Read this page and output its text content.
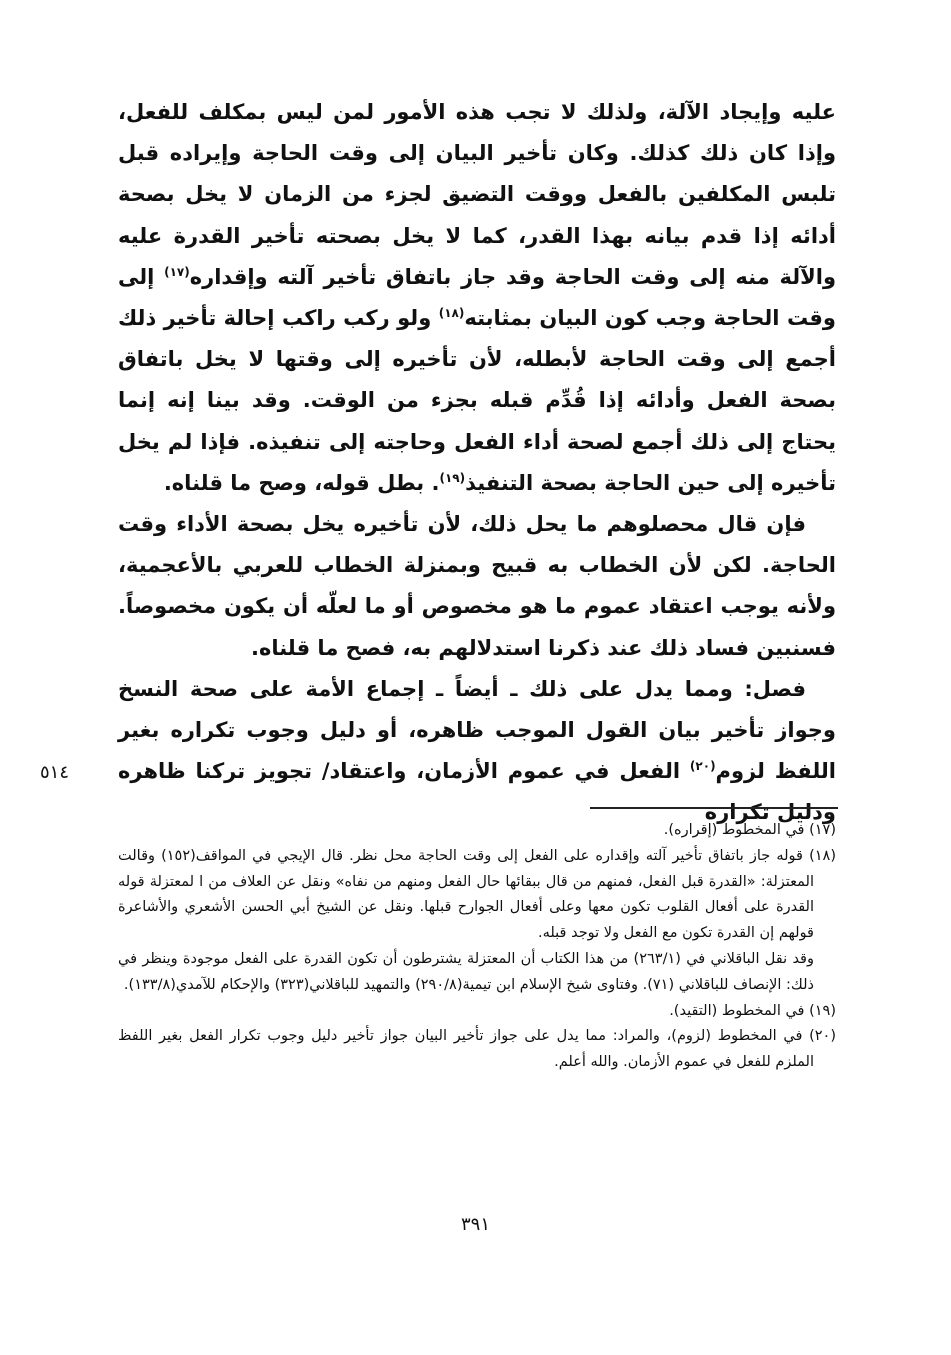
عليه وإيجاد الآلة، ولذلك لا تجب هذه الأمور لمن ليس بمكلف للفعل، وإذا كان ذلك كذلك. وكان تأخير البيان إلى وقت الحاجة وإيراده قبل تلبس المكلفين بالفعل ووقت التضيق لجزء من الزمان لا يخل بصحة أدائه إذا قدم بيانه بهذا القدر، كما لا يخل بصحته تأخير القدرة عليه والآلة منه إلى وقت الحاجة وقد جاز باتفاق تأخير آلته وإقداره$^{(١٧)}$ إلى وقت الحاجة وجب كون البيان بمثابته$^{(١٨)}$ ولو ركب راكب إحالة تأخير ذلك أجمع إلى وقت الحاجة لأبطله، لأن تأخيره إلى وقتها لا يخل باتفاق بصحة الفعل وأدائه إذا قُدِّم قبله بجزء من الوقت. وقد بينا إنه إنما يحتاج إلى ذلك أجمع لصحة أداء الفعل وحاجته إلى تنفيذه. فإذا لم يخل تأخيره إلى حين الحاجة بصحة التنفيذ$^{(١٩)}$. بطل قوله، وصح ما قلناه.

فإن قال محصلوهم ما يحل ذلك، لأن تأخيره يخل بصحة الأداء وقت الحاجة. لكن لأن الخطاب به قبيح وبمنزلة الخطاب للعربي بالأعجمية، ولأنه يوجب اعتقاد عموم ما هو مخصوص أو ما لعلّه أن يكون مخصوصاً. فسنبين فساد ذلك عند ذكرنا استدلالهم به، فصح ما قلناه.

فصل: ومما يدل على ذلك ـ أيضاً ـ إجماع الأمة على صحة النسخ وجواز تأخير بيان القول الموجب ظاهره، أو دليل وجوب تكراره بغير اللفظ لزوم$^{(٢٠)}$ الفعل في عموم الأزمان، واعتقاد/ تجويز تركنا ظاهره ودليل تكراره

٥١٤

(١٧) في المخطوط (إقراره).

(١٨) قوله جاز باتفاق تأخير آلته وإقداره على الفعل إلى وقت الحاجة محل نظر. قال الإيجي في المواقف(١٥٢) وقالت المعتزلة: «القدرة قبل الفعل، فمنهم من قال ببقائها حال الفعل ومنهم من نفاه» ونقل عن العلاف من ا لمعتزلة قوله القدرة على أفعال القلوب تكون معها وعلى أفعال الجوارح قبلها. ونقل عن الشيخ أبي الحسن الأشعري والأشاعرة قولهم إن القدرة تكون مع الفعل ولا توجد قبله.

وقد نقل الباقلاني في (٢٦٣/١) من هذا الكتاب أن المعتزلة يشترطون أن تكون القدرة على الفعل موجودة وينظر في ذلك: الإنصاف للباقلاني (٧١). وفتاوى شيخ الإسلام ابن تيمية(٢٩٠/٨) والتمهيد للباقلاني(٣٢٣) والإحكام للآمدي(١٣٣/٨).

(١٩) في المخطوط (التقيد).

(٢٠) في المخطوط (لزوم)، والمراد: مما يدل على جواز تأخير البيان جواز تأخير دليل وجوب تكرار الفعل بغير اللفظ الملزم للفعل في عموم الأزمان. والله أعلم.

٣٩١
